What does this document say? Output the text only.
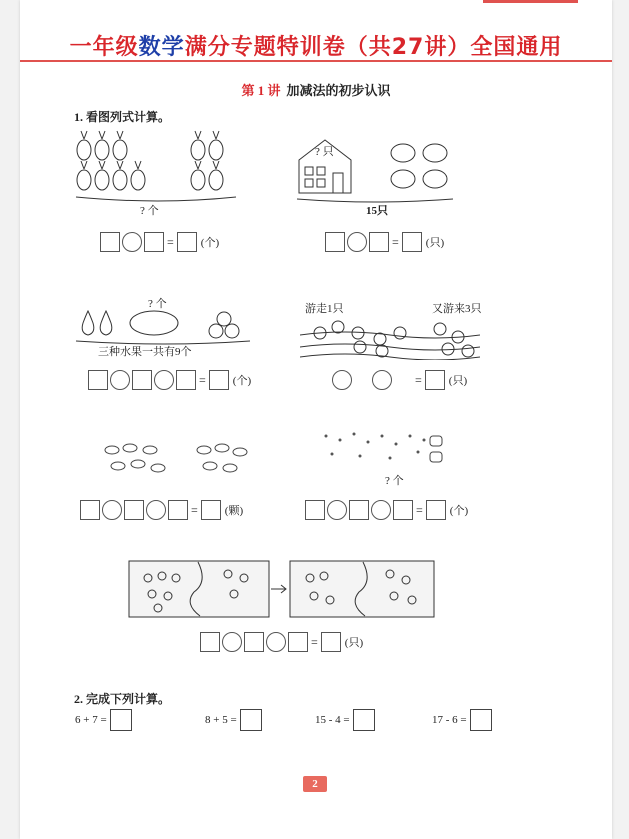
一年级数学满分专题特训卷（共27讲）全国通用
第 1 讲 加减法的初步认识
1. 看图列式计算。
? 个
= (个)
? 只
15只
= (只)
? 个
三种水果一共有9个
= (个)
游走1只	又游来3只
= (只)
= (颗)
? 个
= (个)
= (只)
2. 完成下列计算。
6 + 7 =	8 + 5 =	15 - 4 =	17 - 6 =
2
